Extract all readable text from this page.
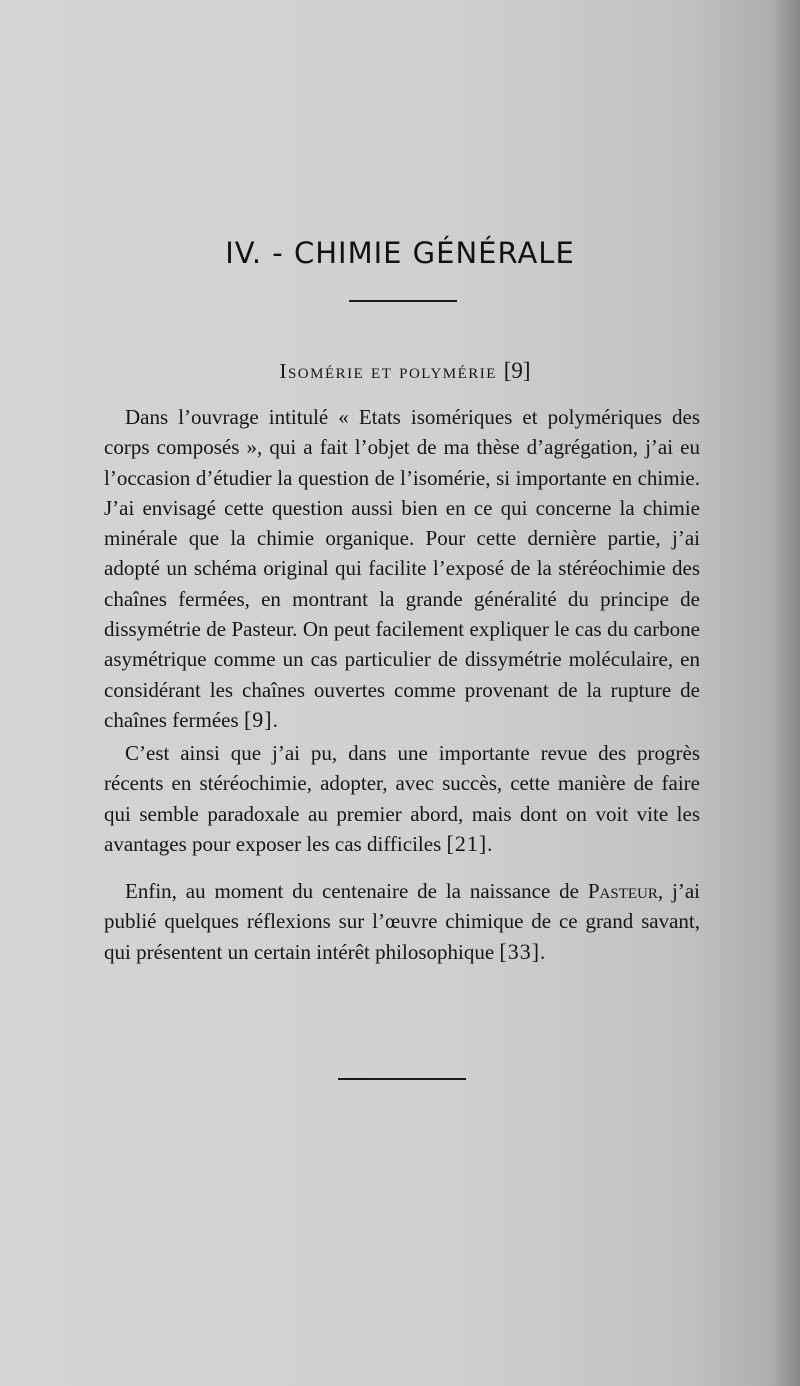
IV. - CHIMIE GÉNÉRALE
Isomérie et polymérie [9]

Dans l’ouvrage intitulé « Etats isomériques et polymériques des corps composés », qui a fait l’objet de ma thèse d’agrégation, j’ai eu l’occasion d’étudier la question de l’isomérie, si importante en chimie. J’ai envisagé cette question aussi bien en ce qui concerne la chimie minérale que la chimie organique. Pour cette dernière partie, j’ai adopté un schéma original qui facilite l’exposé de la stéréochimie des chaînes fermées, en montrant la grande généralité du principe de dissymétrie de Pasteur. On peut facilement expliquer le cas du carbone asymétrique comme un cas particulier de dissymétrie moléculaire, en considérant les chaînes ouvertes comme provenant de la rupture de chaînes fermées [9].

C’est ainsi que j’ai pu, dans une importante revue des progrès récents en stéréochimie, adopter, avec succès, cette manière de faire qui semble paradoxale au premier abord, mais dont on voit vite les avantages pour exposer les cas difficiles [21].

Enfin, au moment du centenaire de la naissance de Pasteur, j’ai publié quelques réflexions sur l’œuvre chimique de ce grand savant, qui présentent un certain intérêt philosophique [33].
